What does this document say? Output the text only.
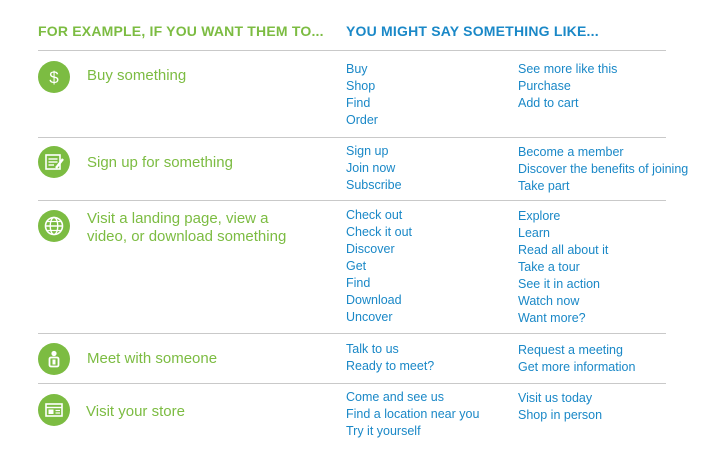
FOR EXAMPLE, IF YOU WANT THEM TO... YOU MIGHT SAY SOMETHING LIKE...
$ Buy something	Buy
Shop
Find
Order
See more like this
Purchase
Add to cart
Sign up for something
Sign up
Join now
Subscribe
Become a member
Discover the benefits of joining
Take part
Visit a landing page, view a video, or download something
Check out
Check it out
Discover
Get
Find
Download
Uncover
Explore
Learn
Read all about it
Take a tour
See it in action
Watch now
Want more?
Meet with someone
Talk to us
Ready to meet?
Request a meeting
Get more information
Visit your store
Come and see us
Find a location near you
Try it yourself
Visit us today
Shop in person
